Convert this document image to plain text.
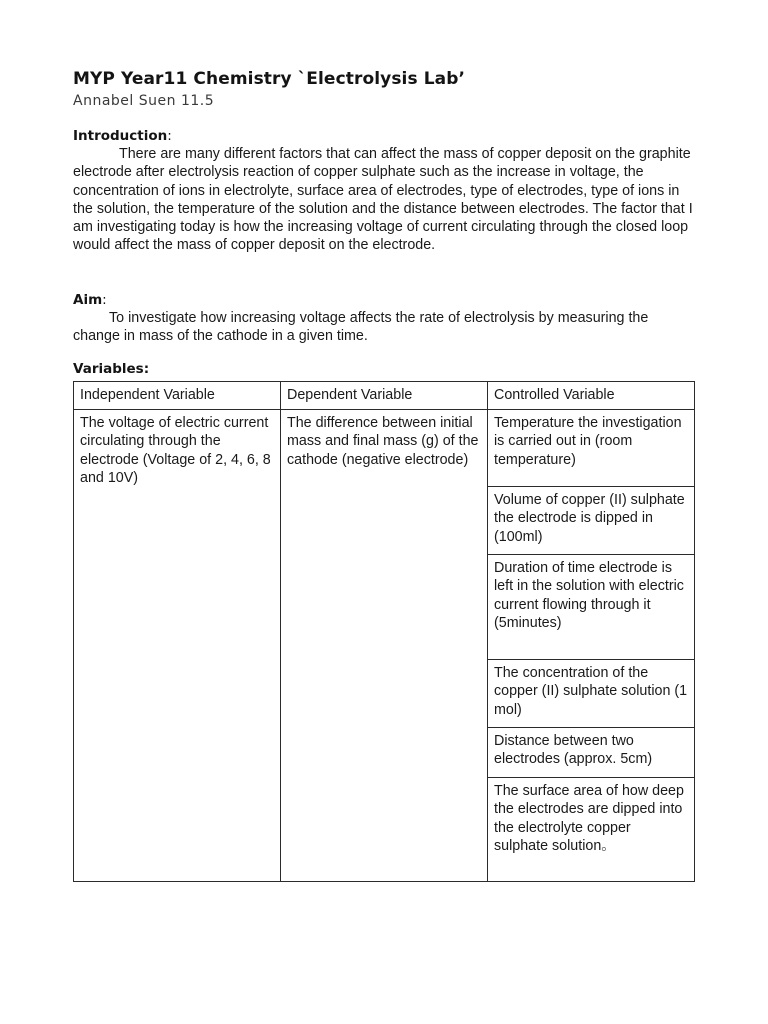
MYP Year11 Chemistry `Electrolysis Lab’

Annabel Suen 11.5

Introduction:

There are many different factors that can affect the mass of copper deposit on the graphite electrode after electrolysis reaction of copper sulphate such as the increase in voltage, the concentration of ions in electrolyte, surface area of electrodes, type of electrodes, type of ions in the solution, the temperature of the solution and the distance between electrodes. The factor that I am investigating today is how the increasing voltage of current circulating through the closed loop would affect the mass of copper deposit on the electrode.

Aim:

To investigate how increasing voltage affects the rate of electrolysis by measuring the change in mass of the cathode in a given time.

Variables:

Independent Variable	Dependent Variable	Controlled Variable
The voltage of electric current circulating through the electrode (Voltage of 2, 4, 6, 8 and 10V)	The difference between initial mass and final mass (g) of the cathode (negative electrode)	Temperature the investigation is carried out in (room temperature)
		Volume of copper (II) sulphate the electrode is dipped in (100ml)
		Duration of time electrode is left in the solution with electric current flowing through it (5minutes)
		The concentration of the copper (II) sulphate solution (1 mol)
		Distance between two electrodes (approx. 5cm)
		The surface area of how deep the electrodes are dipped into the electrolyte copper sulphate solution。
